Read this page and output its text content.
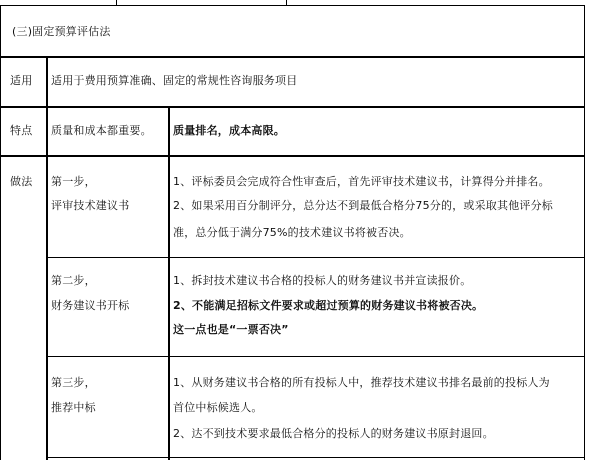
(三)固定预算评估法
适用 适用于费用预算准确、固定的常规性咨询服务项目
特点 质量和成本都重要。 质量排名，成本高限。
做法 第一步，
评审技术建议书
1、评标委员会完成符合性审查后，首先评审技术建议书，计算得分并排名。
2、如果采用百分制评分，总分达不到最低合格分75分的，或采取其他评分标
准，总分低于满分75%的技术建议书将被否决。
第二步，
财务建议书开标
1、拆封技术建议书合格的投标人的财务建议书并宣读报价。
2、不能满足招标文件要求或超过预算的财务建议书将被否决。
这一点也是“一票否决”
第三步，
推荐中标
1、从财务建议书合格的所有投标人中，推荐技术建议书排名最前的投标人为
首位中标候选人。
2、达不到技术要求最低合格分的投标人的财务建议书原封退回。
